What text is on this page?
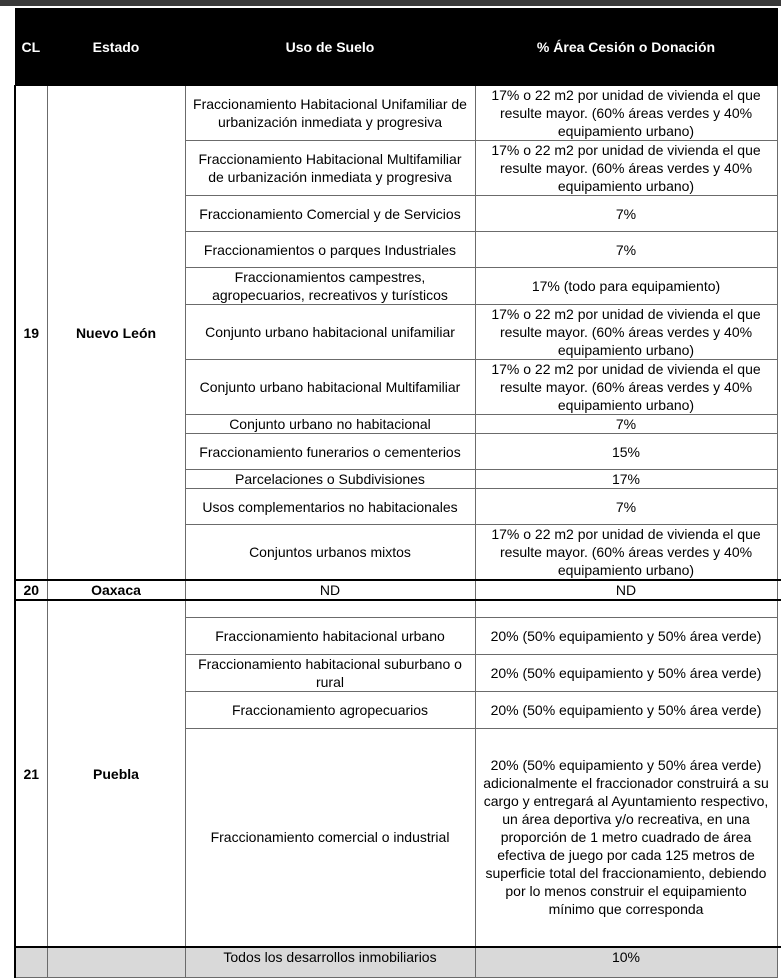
CL	Estado	Uso de Suelo	% Área Cesión o Donación	
19	Nuevo León	Fraccionamiento Habitacional Unifamiliar de urbanización inmediata y progresiva	17% o 22 m2 por unidad de vivienda el que resulte mayor. (60% áreas verdes y 40% equipamiento urbano)	
		Fraccionamiento Habitacional Multifamiliar de urbanización inmediata y progresiva	17% o 22 m2 por unidad de vivienda el que resulte mayor. (60% áreas verdes y 40% equipamiento urbano)	
		Fraccionamiento Comercial y de Servicios	7%	
		Fraccionamientos o parques Industriales	7%	
		Fraccionamientos campestres, agropecuarios, recreativos y turísticos	17% (todo para equipamiento)	
		Conjunto urbano habitacional unifamiliar	17% o 22 m2 por unidad de vivienda el que resulte mayor. (60% áreas verdes y 40% equipamiento urbano)	
		Conjunto urbano habitacional Multifamiliar	17% o 22 m2 por unidad de vivienda el que resulte mayor. (60% áreas verdes y 40% equipamiento urbano)	
		Conjunto urbano no habitacional	7%	
		Fraccionamiento funerarios o cementerios	15%	
		Parcelaciones o Subdivisiones	17%	
		Usos complementarios no habitacionales	7%	
		Conjuntos urbanos mixtos	17% o 22 m2 por unidad de vivienda el que resulte mayor. (60% áreas verdes y 40% equipamiento urbano)	
20	Oaxaca	ND	ND	
21	Puebla			
		Fraccionamiento habitacional urbano	20% (50% equipamiento y 50% área verde)	
		Fraccionamiento habitacional suburbano o rural	20% (50% equipamiento y 50% área verde)	
		Fraccionamiento agropecuarios	20% (50% equipamiento y 50% área verde)	
		Fraccionamiento comercial o industrial	20% (50% equipamiento y 50% área verde) adicionalmente el fraccionador construirá a su cargo y entregará al Ayuntamiento respectivo, un área deportiva y/o recreativa, en una proporción de 1 metro cuadrado de área efectiva de juego por cada 125 metros de superficie total del fraccionamiento, debiendo por lo menos construir el equipamiento mínimo que corresponda	
		Todos los desarrollos inmobiliarios	10%	
